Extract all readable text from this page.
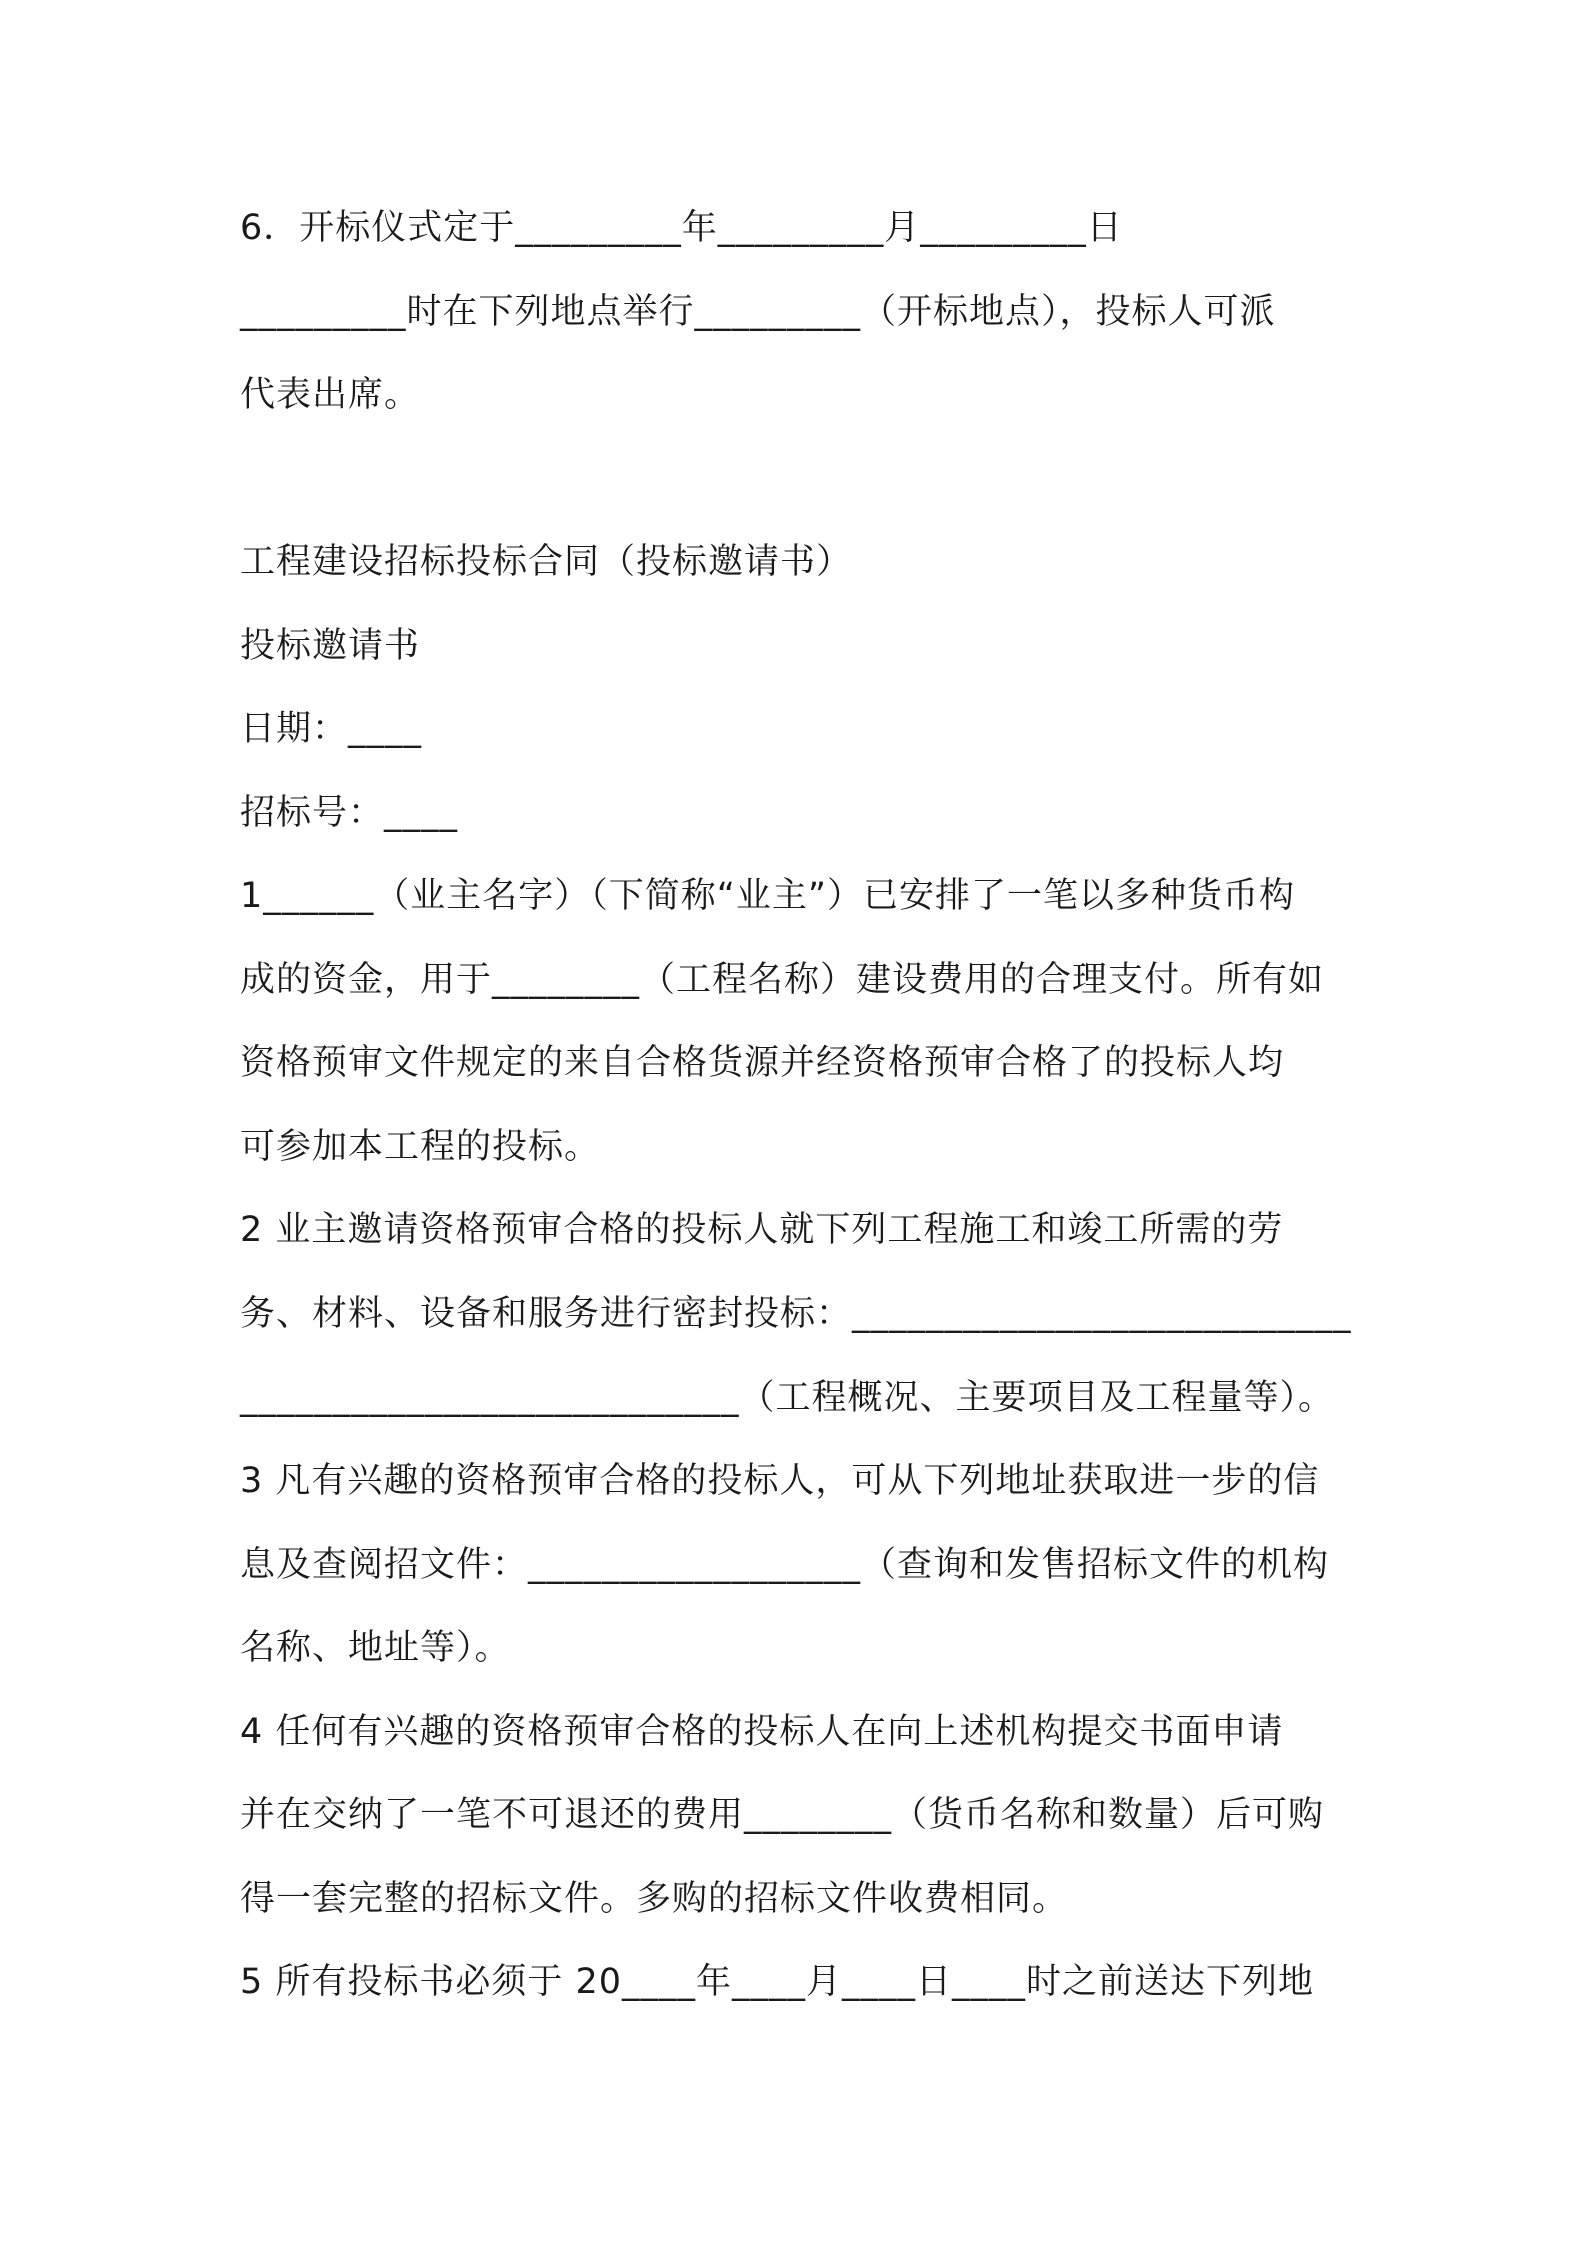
6．开标仪式定于_________年_________月_________日
_________时在下列地点举行_________（开标地点），投标人可派
代表出席。
工程建设招标投标合同（投标邀请书）
投标邀请书
日期：____
招标号：____
1______（业主名字）（下简称“业主”）已安排了一笔以多种货币构
成的资金，用于________（工程名称）建设费用的合理支付。所有如
资格预审文件规定的来自合格货源并经资格预审合格了的投标人均
可参加本工程的投标。
2 业主邀请资格预审合格的投标人就下列工程施工和竣工所需的劳
务、材料、设备和服务进行密封投标：___________________________
___________________________（工程概况、主要项目及工程量等）。
3 凡有兴趣的资格预审合格的投标人，可从下列地址获取进一步的信
息及查阅招文件：__________________（查询和发售招标文件的机构
名称、地址等）。
4 任何有兴趣的资格预审合格的投标人在向上述机构提交书面申请
并在交纳了一笔不可退还的费用________（货币名称和数量）后可购
得一套完整的招标文件。多购的招标文件收费相同。
5 所有投标书必须于 20____年____月____日____时之前送达下列地
